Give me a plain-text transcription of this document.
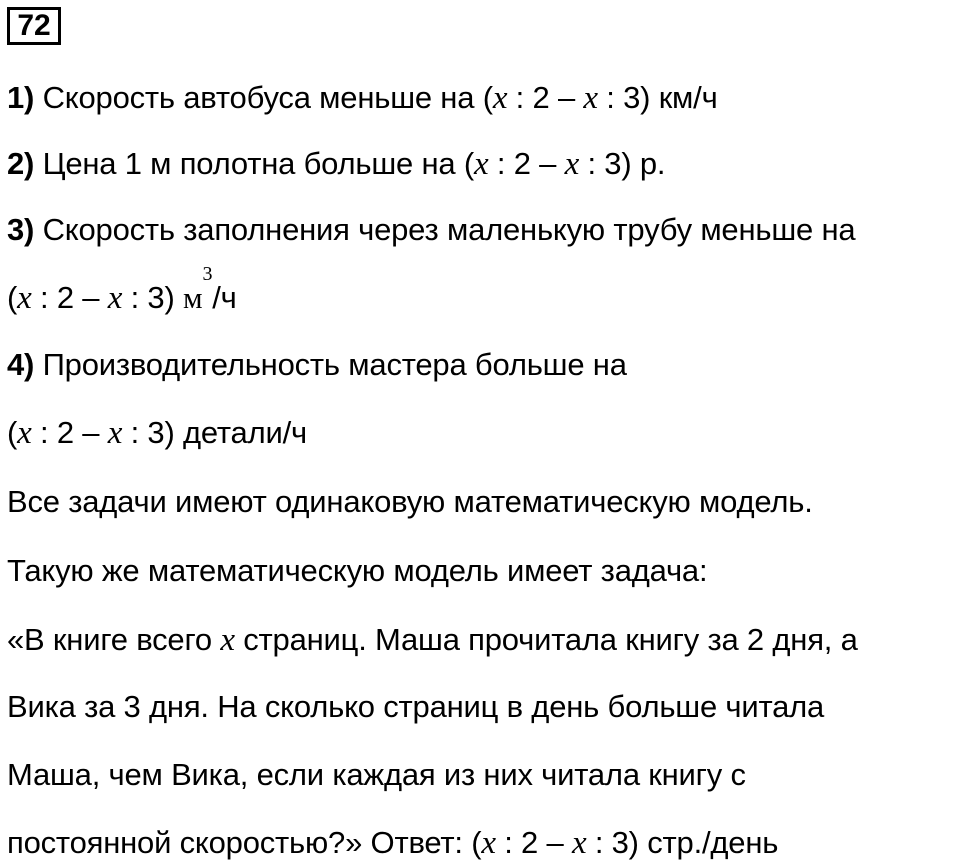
72
1) Скорость автобуса меньше на (x : 2 – x : 3) км/ч
2) Цена 1 м полотна больше на (x : 2 – x : 3) р.
3) Скорость заполнения через маленькую трубу меньше на
(x : 2 – x : 3) $м^3/ч$
4) Производительность мастера больше на
(x : 2 – x : 3) детали/ч
Все задачи имеют одинаковую математическую модель.
Такую же математическую модель имеет задача:
«В книге всего x страниц. Маша прочитала книгу за 2 дня, а
Вика за 3 дня. На сколько страниц в день больше читала
Маша, чем Вика, если каждая из них читала книгу с
постоянной скоростью?» Ответ: (x : 2 – x : 3) стр./день
